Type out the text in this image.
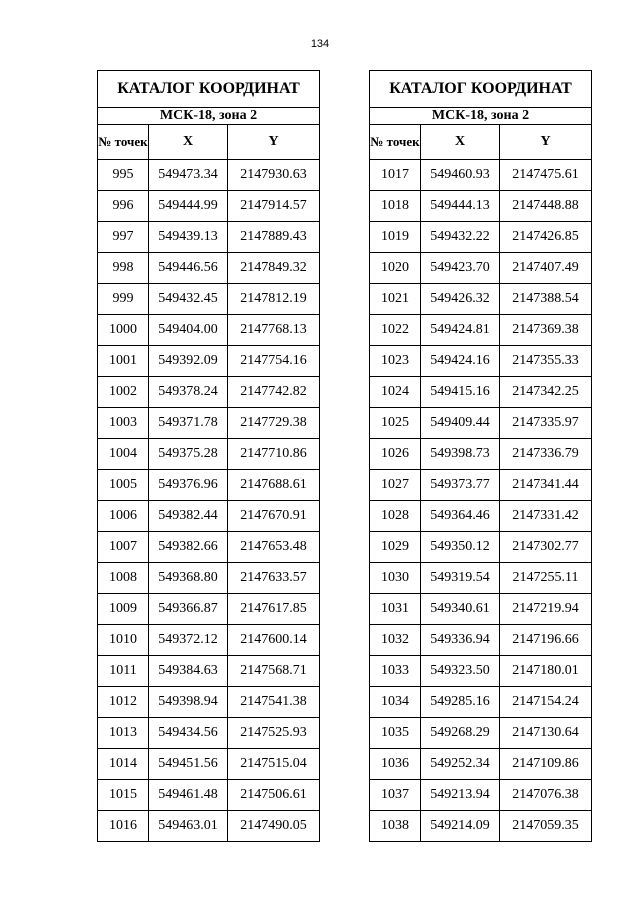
134
КАТАЛОГ КООРДИНАТ		
МСК-18, зона 2		
№ точек	X	Y
995	549473.34	2147930.63
996	549444.99	2147914.57
997	549439.13	2147889.43
998	549446.56	2147849.32
999	549432.45	2147812.19
1000	549404.00	2147768.13
1001	549392.09	2147754.16
1002	549378.24	2147742.82
1003	549371.78	2147729.38
1004	549375.28	2147710.86
1005	549376.96	2147688.61
1006	549382.44	2147670.91
1007	549382.66	2147653.48
1008	549368.80	2147633.57
1009	549366.87	2147617.85
1010	549372.12	2147600.14
1011	549384.63	2147568.71
1012	549398.94	2147541.38
1013	549434.56	2147525.93
1014	549451.56	2147515.04
1015	549461.48	2147506.61
1016	549463.01	2147490.05
КАТАЛОГ КООРДИНАТ		
МСК-18, зона 2		
№ точек	X	Y
1017	549460.93	2147475.61
1018	549444.13	2147448.88
1019	549432.22	2147426.85
1020	549423.70	2147407.49
1021	549426.32	2147388.54
1022	549424.81	2147369.38
1023	549424.16	2147355.33
1024	549415.16	2147342.25
1025	549409.44	2147335.97
1026	549398.73	2147336.79
1027	549373.77	2147341.44
1028	549364.46	2147331.42
1029	549350.12	2147302.77
1030	549319.54	2147255.11
1031	549340.61	2147219.94
1032	549336.94	2147196.66
1033	549323.50	2147180.01
1034	549285.16	2147154.24
1035	549268.29	2147130.64
1036	549252.34	2147109.86
1037	549213.94	2147076.38
1038	549214.09	2147059.35
